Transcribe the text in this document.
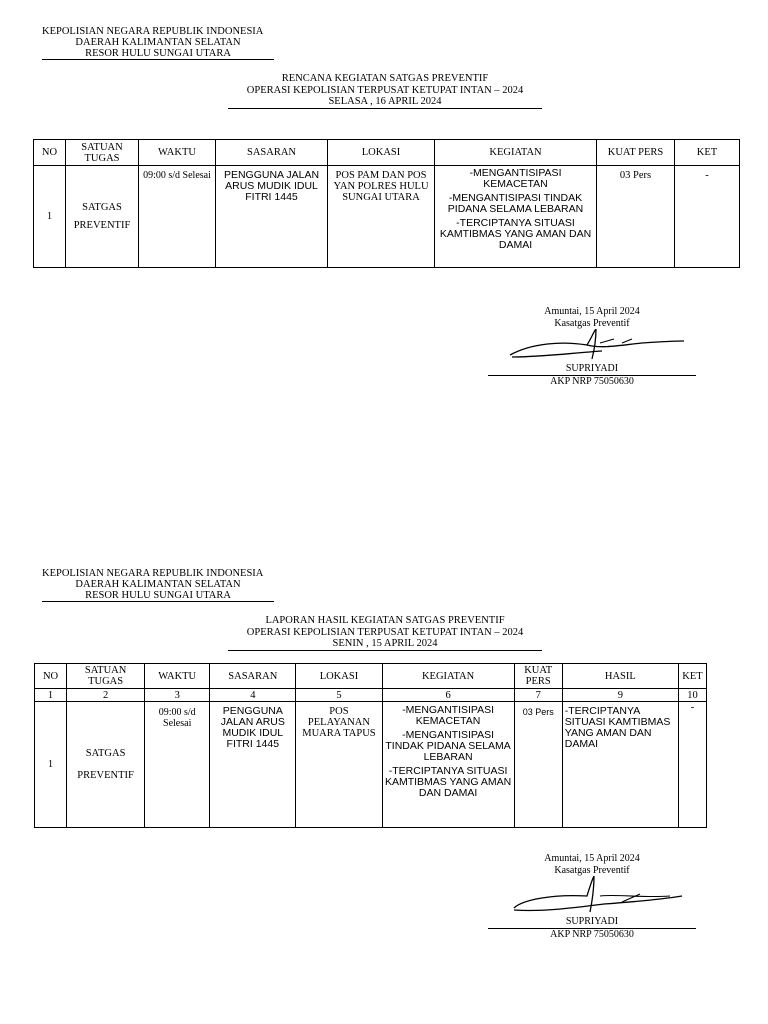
KEPOLISIAN NEGARA REPUBLIK INDONESIA
DAERAH KALIMANTAN SELATAN
RESOR HULU SUNGAI UTARA
RENCANA KEGIATAN SATGAS PREVENTIF
OPERASI KEPOLISIAN TERPUSAT KETUPAT INTAN – 2024
SELASA , 16 APRIL 2024
NO	SATUAN TUGAS	WAKTU	SASARAN	LOKASI	KEGIATAN	KUAT PERS	KET
1	SATGAS PREVENTIF	09:00 s/d Selesai	PENGGUNA JALAN ARUS MUDIK IDUL FITRI 1445	POS PAM DAN POS YAN POLRES HULU SUNGAI UTARA	-MENGANTISIPASI KEMACETAN
-MENGANTISIPASI TINDAK PIDANA SELAMA LEBARAN
-TERCIPTANYA SITUASI KAMTIBMAS YANG AMAN DAN DAMAI	03 Pers	-
Amuntai, 15 April 2024
Kasatgas Preventif
SUPRIYADI
AKP NRP 75050630
KEPOLISIAN NEGARA REPUBLIK INDONESIA
DAERAH KALIMANTAN SELATAN
RESOR HULU SUNGAI UTARA
LAPORAN HASIL KEGIATAN SATGAS PREVENTIF
OPERASI KEPOLISIAN TERPUSAT KETUPAT INTAN – 2024
SENIN , 15 APRIL 2024
NO	SATUAN TUGAS	WAKTU	SASARAN	LOKASI	KEGIATAN	KUAT PERS	HASIL	KET
1	2	3	4	5	6	7	9	10
1	SATGAS PREVENTIF	09:00 s/d Selesai	PENGGUNA JALAN ARUS MUDIK IDUL FITRI 1445	POS PELAYANAN MUARA TAPUS	-MENGANTISIPASI KEMACETAN
-MENGANTISIPASI TINDAK PIDANA SELAMA LEBARAN
-TERCIPTANYA SITUASI KAMTIBMAS YANG AMAN DAN DAMAI	03 Pers	-TERCIPTANYA SITUASI KAMTIBMAS YANG AMAN DAN DAMAI	-
Amuntai, 15 April 2024
Kasatgas Preventif
SUPRIYADI
AKP NRP 75050630
